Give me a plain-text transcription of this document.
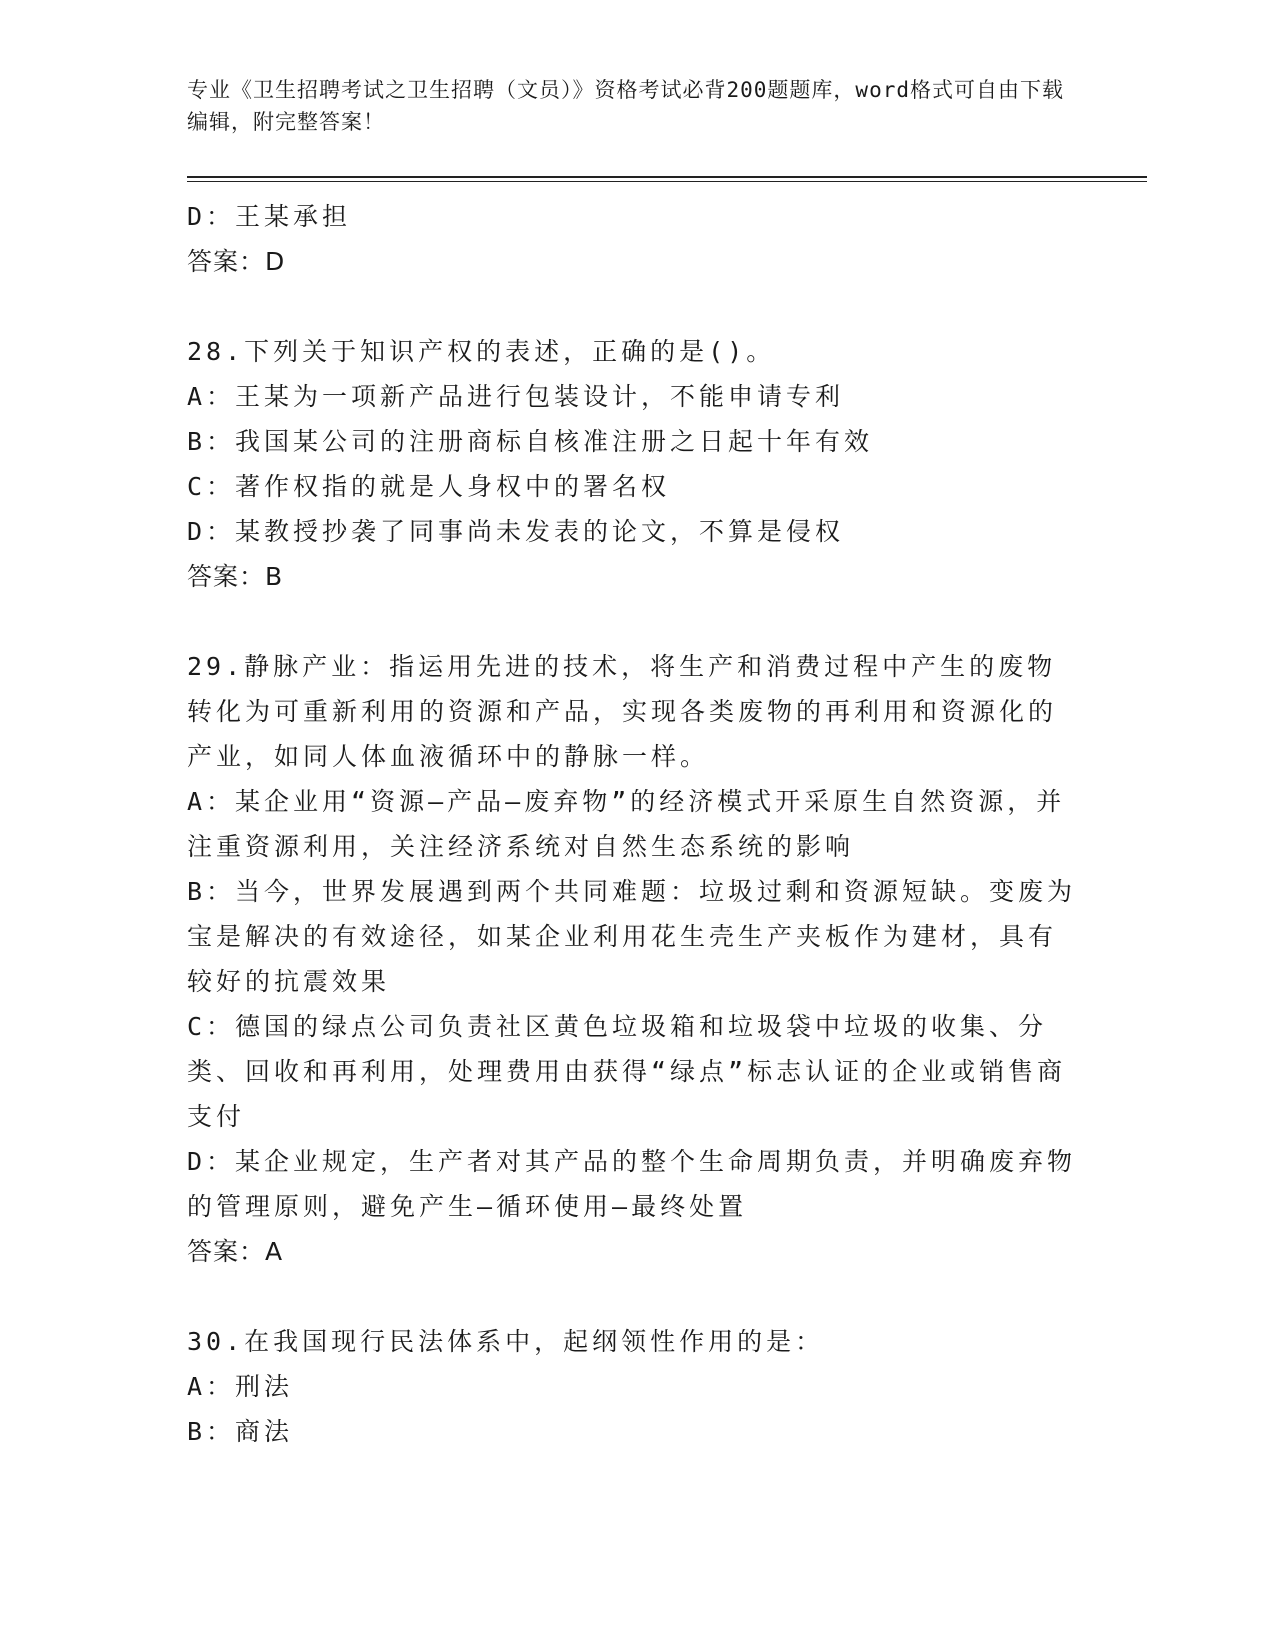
专业《卫生招聘考试之卫生招聘（文员）》资格考试必背200题题库，word格式可自由下载编辑，附完整答案！
D：王某承担
答案：D
28.下列关于知识产权的表述，正确的是()。
A：王某为一项新产品进行包装设计，不能申请专利
B：我国某公司的注册商标自核准注册之日起十年有效
C：著作权指的就是人身权中的署名权
D：某教授抄袭了同事尚未发表的论文，不算是侵权
答案：B
29.静脉产业：指运用先进的技术，将生产和消费过程中产生的废物转化为可重新利用的资源和产品，实现各类废物的再利用和资源化的产业，如同人体血液循环中的静脉一样。
A：某企业用“资源—产品—废弃物”的经济模式开采原生自然资源，并注重资源利用，关注经济系统对自然生态系统的影响
B：当今，世界发展遇到两个共同难题：垃圾过剩和资源短缺。变废为宝是解决的有效途径，如某企业利用花生壳生产夹板作为建材，具有较好的抗震效果
C：德国的绿点公司负责社区黄色垃圾箱和垃圾袋中垃圾的收集、分类、回收和再利用，处理费用由获得“绿点”标志认证的企业或销售商支付
D：某企业规定，生产者对其产品的整个生命周期负责，并明确废弃物的管理原则，避免产生—循环使用—最终处置
答案：A
30.在我国现行民法体系中，起纲领性作用的是：
A：刑法
B：商法
